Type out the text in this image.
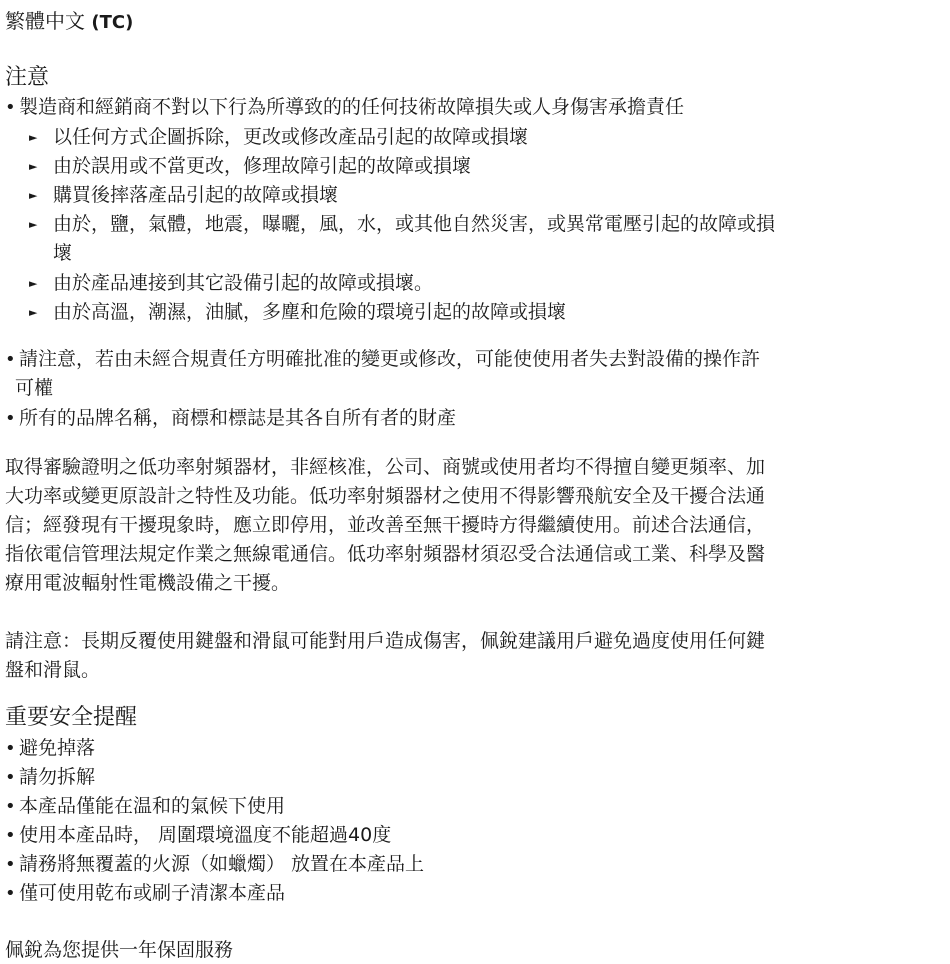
繁體中文 (TC)
注意
• 製造商和經銷商不對以下行為所導致的的任何技術故障損失或人身傷害承擔責任
► 以任何方式企圖拆除，更改或修改產品引起的故障或損壞
► 由於誤用或不當更改，修理故障引起的故障或損壞
► 購買後摔落產品引起的故障或損壞
► 由於，鹽，氣體，地震，曝曬，風，水，或其他自然災害，或異常電壓引起的故障或損
壞
► 由於產品連接到其它設備引起的故障或損壞。
► 由於高溫，潮濕，油膩，多塵和危險的環境引起的故障或損壞
• 請注意，若由未經合規責任方明確批准的變更或修改，可能使使用者失去對設備的操作許
可權
• 所有的品牌名稱，商標和標誌是其各自所有者的財產
取得審驗證明之低功率射頻器材，非經核准，公司、商號或使用者均不得擅自變更頻率、加
大功率或變更原設計之特性及功能。低功率射頻器材之使用不得影響飛航安全及干擾合法通
信；經發現有干擾現象時，應立即停用，並改善至無干擾時方得繼續使用。前述合法通信，
指依電信管理法規定作業之無線電通信。低功率射頻器材須忍受合法通信或工業、科學及醫
療用電波輻射性電機設備之干擾。
請注意：長期反覆使用鍵盤和滑鼠可能對用戶造成傷害，佩銳建議用戶避免過度使用任何鍵
盤和滑鼠。
重要安全提醒
• 避免掉落
• 請勿拆解
• 本產品僅能在温和的氣候下使用
• 使用本產品時， 周圍環境溫度不能超過40度
• 請務將無覆蓋的火源（如蠟燭） 放置在本產品上
• 僅可使用乾布或刷子清潔本產品
佩銳為您提供一年保固服務
